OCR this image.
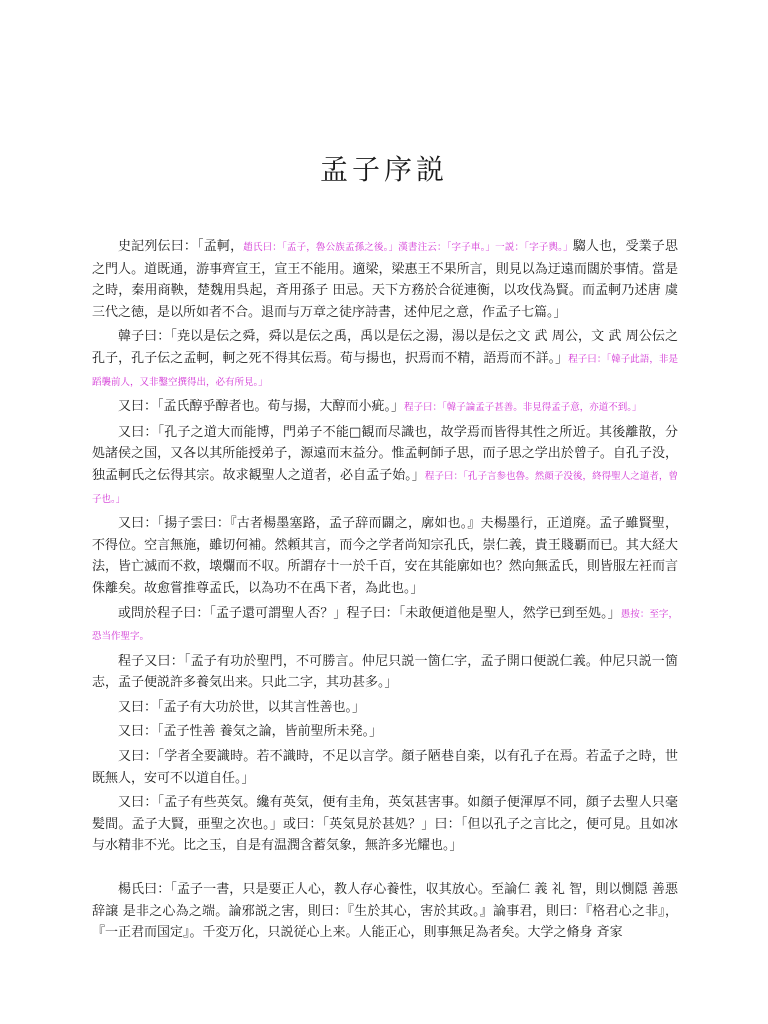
孟子序説

史記列伝曰：「孟軻，趙氏曰：「孟子，魯公族孟孫之後。」漢書注云：「字子車。」一説：「字子輿。」騶人也，受業子思之門人。道既通，游事齊宣王，宣王不能用。適梁，梁惠王不果所言，則見以為迂遠而闊於事情。當是之時，秦用商鞅，楚魏用呉起，斉用孫子 田忌。天下方務於合従連衡，以攻伐為賢。而孟軻乃述唐 虞 三代之徳，是以所如者不合。退而与万章之徒序詩書，述仲尼之意，作孟子七篇。」

韓子曰：「尭以是伝之舜，舜以是伝之禹，禹以是伝之湯，湯以是伝之文 武 周公，文 武 周公伝之孔子，孔子伝之孟軻，軻之死不得其伝焉。荀与揚也，択焉而不精，語焉而不詳。」程子曰：「韓子此語，非是蹈襲前人，又非鑿空撰得出，必有所見。」

又曰：「孟氏醇乎醇者也。荀与揚，大醇而小疵。」程子曰：「韓子論孟子甚善。非見得孟子意，亦道不到。」

又曰：「孔子之道大而能博，門弟子不能□観而尽識也，故学焉而皆得其性之所近。其後離散，分処諸侯之国，又各以其所能授弟子，源遠而末益分。惟孟軻師子思，而子思之学出於曾子。自孔子没，独孟軻氏之伝得其宗。故求観聖人之道者，必自孟子始。」程子曰：「孔子言参也魯。然顔子没後，終得聖人之道者，曾子也。」

又曰：「揚子雲曰：『古者楊墨塞路，孟子辞而闢之，廓如也。』夫楊墨行，正道廃。孟子雖賢聖，不得位。空言無施，雖切何補。然頼其言，而今之学者尚知宗孔氏，崇仁義，貴王賤覇而已。其大経大法，皆亡滅而不救，壊爛而不収。所謂存十一於千百，安在其能廓如也？然向無孟氏，則皆服左衽而言侏離矣。故愈嘗推尊孟氏，以為功不在禹下者，為此也。」

或問於程子曰：「孟子還可謂聖人否？」程子曰：「未敢便道他是聖人，然学已到至処。」愚按：至字，恐当作聖字。

程子又曰：「孟子有功於聖門，不可勝言。仲尼只説一箇仁字，孟子開口便説仁義。仲尼只説一箇志，孟子便説許多養気出来。只此二字，其功甚多。」

又曰：「孟子有大功於世，以其言性善也。」

又曰：「孟子性善 養気之論，皆前聖所未発。」

又曰：「学者全要識時。若不識時，不足以言学。顔子陋巷自楽，以有孔子在焉。若孟子之時，世既無人，安可不以道自任。」

又曰：「孟子有些英気。纔有英気，便有圭角，英気甚害事。如顔子便渾厚不同，顔子去聖人只毫髪間。孟子大賢，亜聖之次也。」或曰：「英気見於甚処？」曰：「但以孔子之言比之，便可見。且如冰与水精非不光。比之玉，自是有温潤含蓄気象，無許多光耀也。」

楊氏曰：「孟子一書，只是要正人心，教人存心養性，収其放心。至論仁 義 礼 智，則以惻隠 善悪 辞譲 是非之心為之端。論邪説之害，則曰：『生於其心，害於其政。』論事君，則曰：『格君心之非』，『一正君而国定』。千変万化，只説従心上来。人能正心，則事無足為者矣。大学之脩身 斉家
